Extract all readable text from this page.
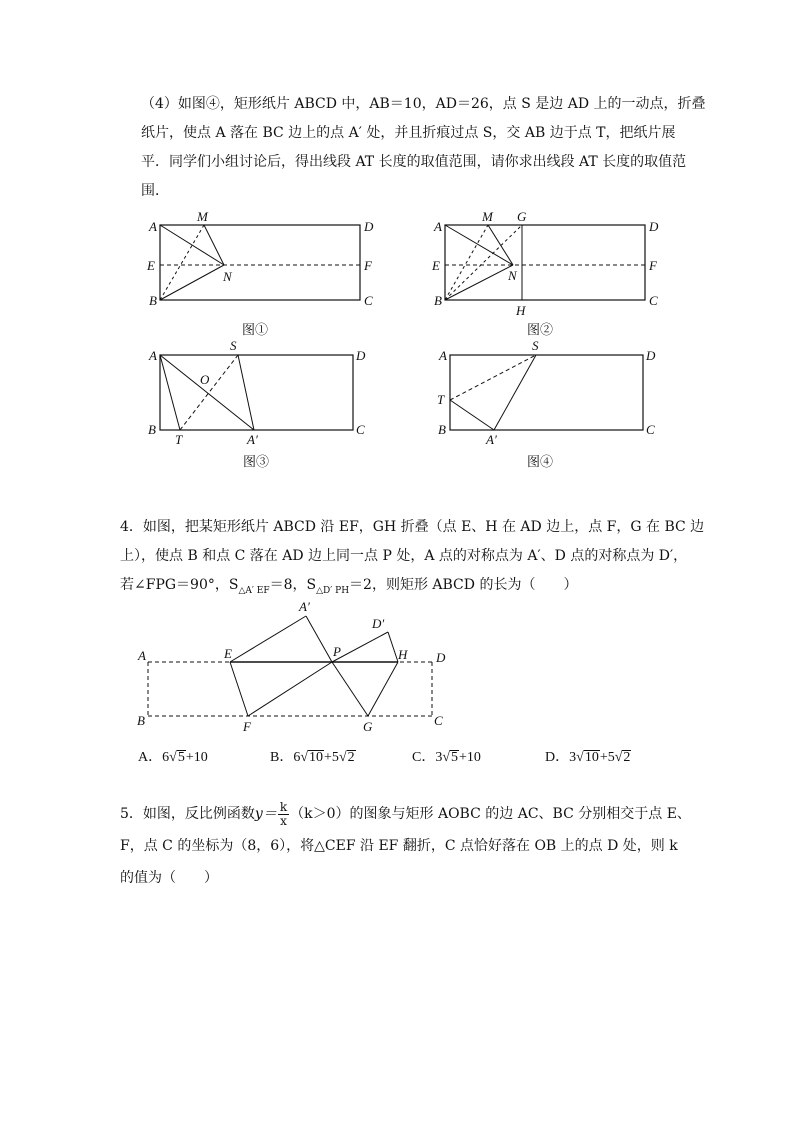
（4）如图④，矩形纸片 ABCD 中，AB＝10，AD＝26，点 S 是边 AD 上的一动点，折叠
纸片，使点 A 落在 BC 边上的点 A′ 处，并且折痕过点 S，交 AB 边于点 T，把纸片展
平．同学们小组讨论后，得出线段 AT 长度的取值范围，请你求出线段 AT 长度的取值范
围．
A
M
D
E
N
F
B	C
图①
A
M G
D
E
N
F
B
H
C
图②
A
S
D
O
B
T	A′
C
图③
A
S
D
T
B
A′
C
图④
4．如图，把某矩形纸片 ABCD 沿 EF，GH 折叠（点 E、H 在 AD 边上，点 F，G 在 BC 边
上），使点 B 和点 C 落在 AD 边上同一点 P 处，A 点的对称点为 A′、D 点的对称点为 D′，
若∠FPG＝90°，$S_{\triangle A' EF}=8$，$S_{\triangle D' PH}=2$，则矩形 ABCD 的长为（　　）
A′
D′
A	E	P	H D
B	F	G	C
A．6√5+10	B．6√10+5√2	C．3√5+10	D．3√10+5√2
5．如图，反比例函数$y= \frac{k}{x} (k>0)$的图象与矩形 AOBC 的边 AC、BC 分别相交于点 E、
F，点 C 的坐标为（8，6），将△CEF 沿 EF 翻折，C 点恰好落在 OB 上的点 D 处，则 k
的值为（　　）
